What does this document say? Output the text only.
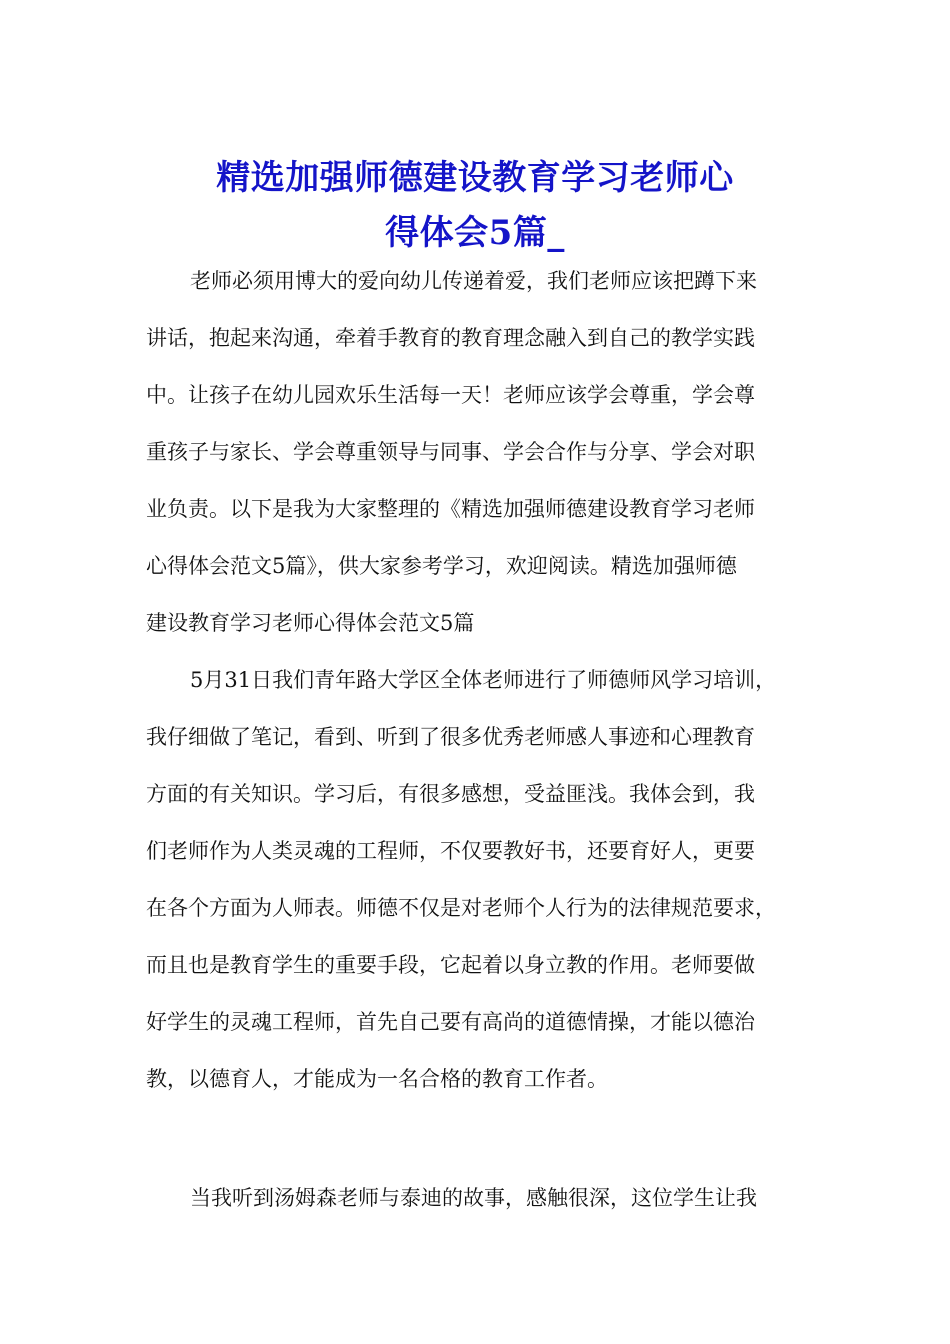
精选加强师德建设教育学习老师心
得体会5篇_
老师必须用博大的爱向幼儿传递着爱，我们老师应该把蹲下来
讲话，抱起来沟通，牵着手教育的教育理念融入到自己的教学实践
中。让孩子在幼儿园欢乐生活每一天！老师应该学会尊重，学会尊
重孩子与家长、学会尊重领导与同事、学会合作与分享、学会对职
业负责。以下是我为大家整理的《精选加强师德建设教育学习老师
心得体会范文5篇》，供大家参考学习，欢迎阅读。精选加强师德
建设教育学习老师心得体会范文5篇
5月31日我们青年路大学区全体老师进行了师德师风学习培训，
我仔细做了笔记，看到、听到了很多优秀老师感人事迹和心理教育
方面的有关知识。学习后，有很多感想，受益匪浅。我体会到，我
们老师作为人类灵魂的工程师，不仅要教好书，还要育好人，更要
在各个方面为人师表。师德不仅是对老师个人行为的法律规范要求，
而且也是教育学生的重要手段，它起着以身立教的作用。老师要做
好学生的灵魂工程师，首先自己要有高尚的道德情操，才能以德治
教，以德育人，才能成为一名合格的教育工作者。
当我听到汤姆森老师与泰迪的故事，感触很深，这位学生让我
